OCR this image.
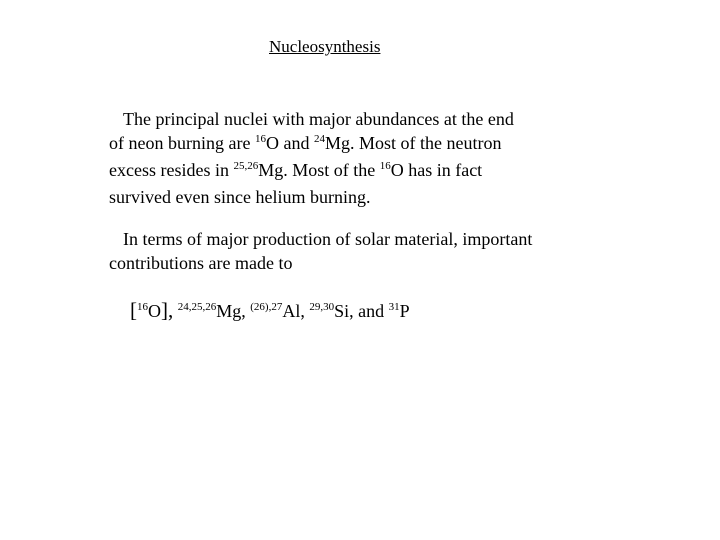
Nucleosynthesis
The principal nuclei with major abundances at the end
of neon burning are $^{16}$O and $^{24}$Mg. Most of the neutron
excess resides in $^{25,26}$Mg. Most of the $^{16}$O has in fact
survived even since helium burning.
In terms of major production of solar material, important
contributions are made to
[$^{16}$O], $^{24,25,26}$Mg, $^{(26),27}$Al, $^{29,30}$Si, and $^{31}$P
